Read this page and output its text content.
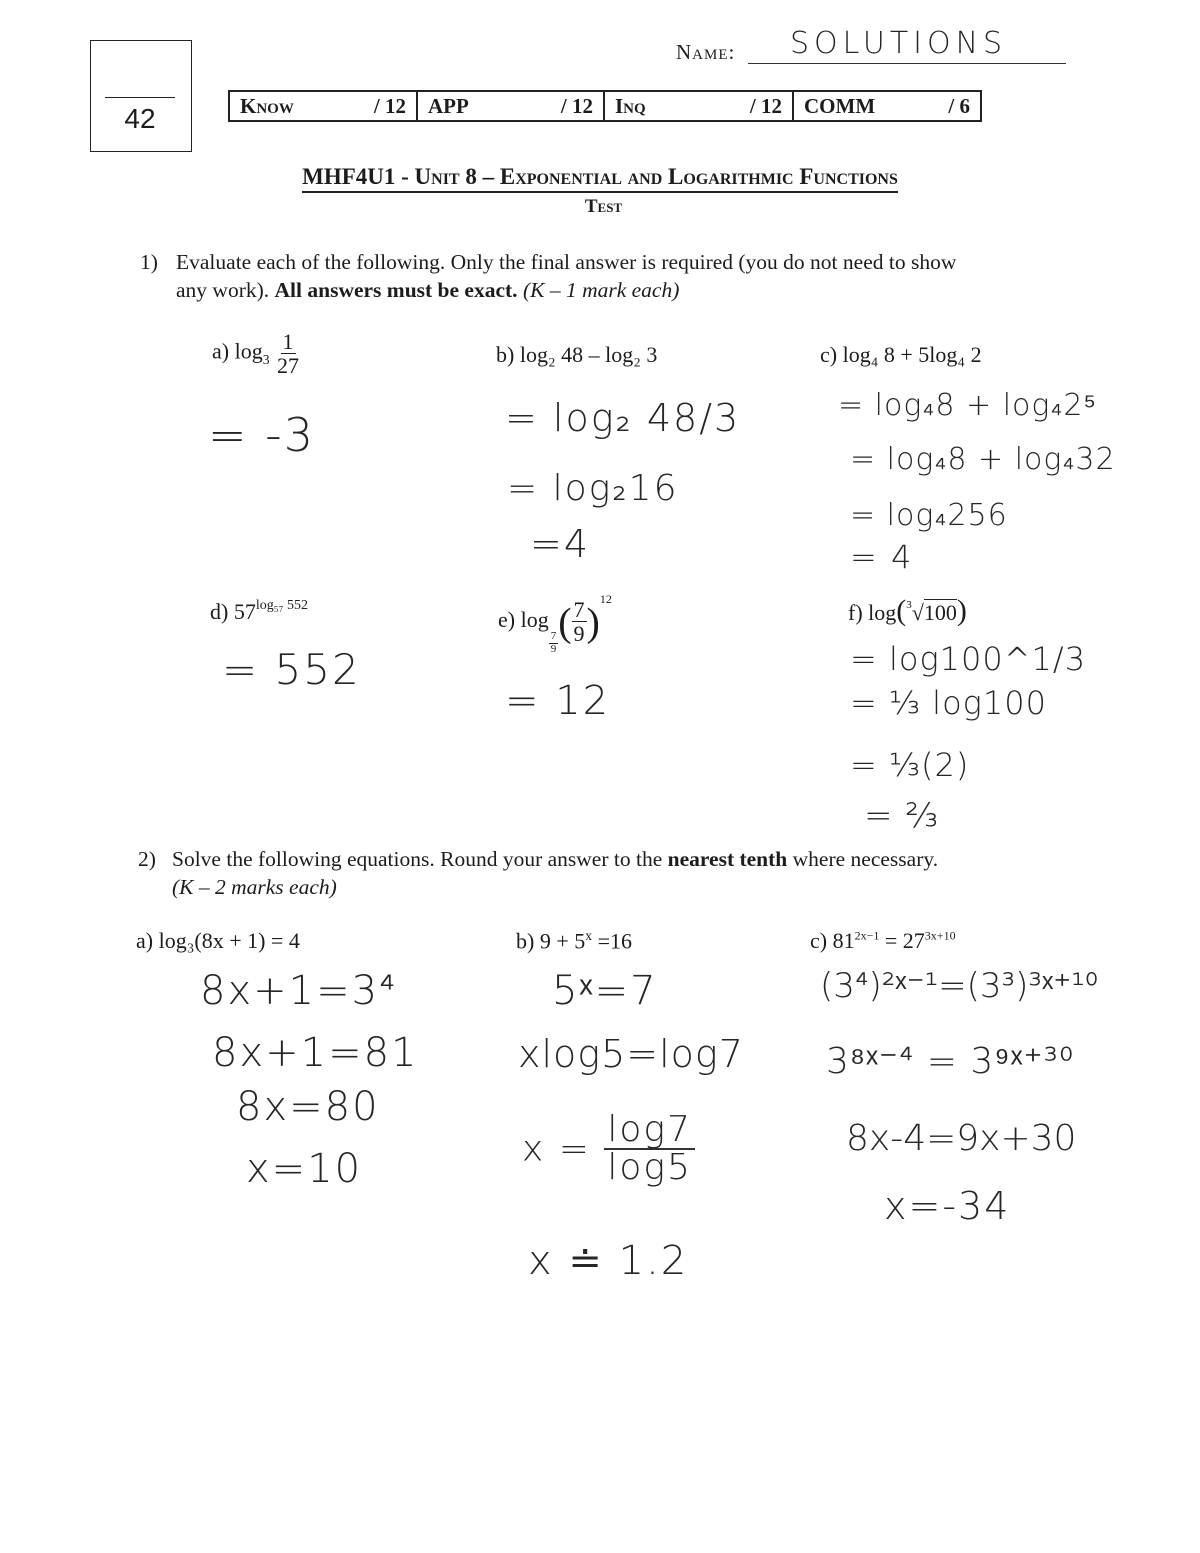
42
Name: SOLUTIONS
Know	/ 12 APP	/ 12 Inq	/ 12 COMM	/ 6
MHF4U1 - Unit 8 – Exponential and Logarithmic Functions
Test
1) Evaluate each of the following. Only the final answer is required (you do not need to show
any work). All answers must be exact. (K – 1 mark each)
a) $\log_3 \frac{1}{27}$
= -3
b) log₂ 48 – log₂ 3
= log₂ 48/3
= log₂16
=4
c) log₄ 8 + 5log₄ 2
= log₄8 + log₄2⁵
= log₄8 + log₄32
= log₄256
= 4
d) $57^{log_{57} 552}$
= 552
e) log
$\frac{7}{9}$ ( $\frac{7}{9} )^{12}$
= 12
f) log($^3$√100)
= log100^1/3
= ⅓ log100
= ⅓(2)
= ⅔
2) Solve the following equations. Round your answer to the nearest tenth where necessary.
(K – 2 marks each)
a) log₃(8x + 1) = 4
8x+1=3⁴
8x+1=81
8x=80
x=10
b) $9 + 5^x =16$
5ˣ=7
xlog5=log7
$x = \frac{\log 7}{\log 5}$
x ≐ 1.2
c) $81^{2x-1} = 27^{3x+10}$
(3⁴)²ˣ⁻¹=(3³)³ˣ⁺¹⁰
3⁸ˣ⁻⁴ = 3⁹ˣ⁺³⁰
8x-4=9x+30
x=-34
